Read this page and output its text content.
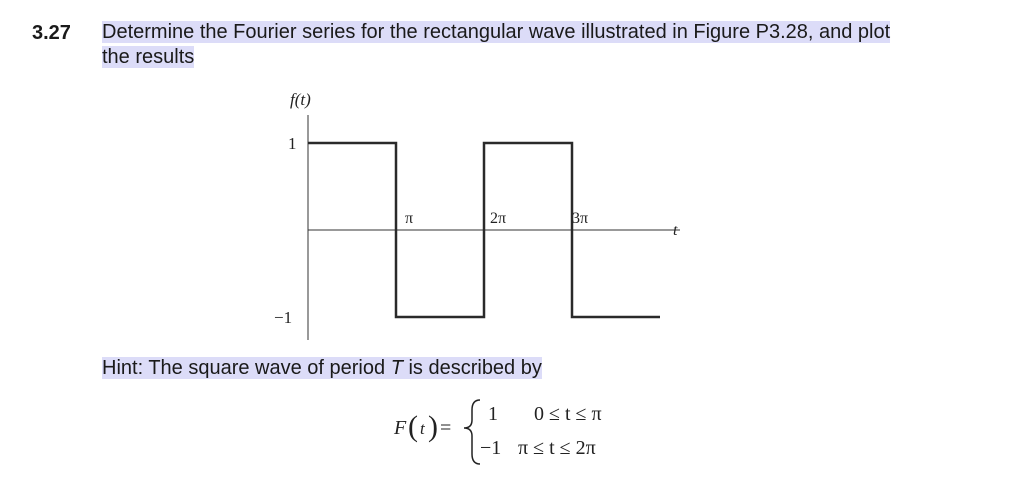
3.27 Determine the Fourier series for the rectangular wave illustrated in Figure P3.28, and plot
the results
f(t)
t
1
−1
π	2π	3π
Hint: The square wave of period T is described by
F ( t ) =
1 0 ≤ t ≤ π
−1 π ≤ t ≤ 2π
